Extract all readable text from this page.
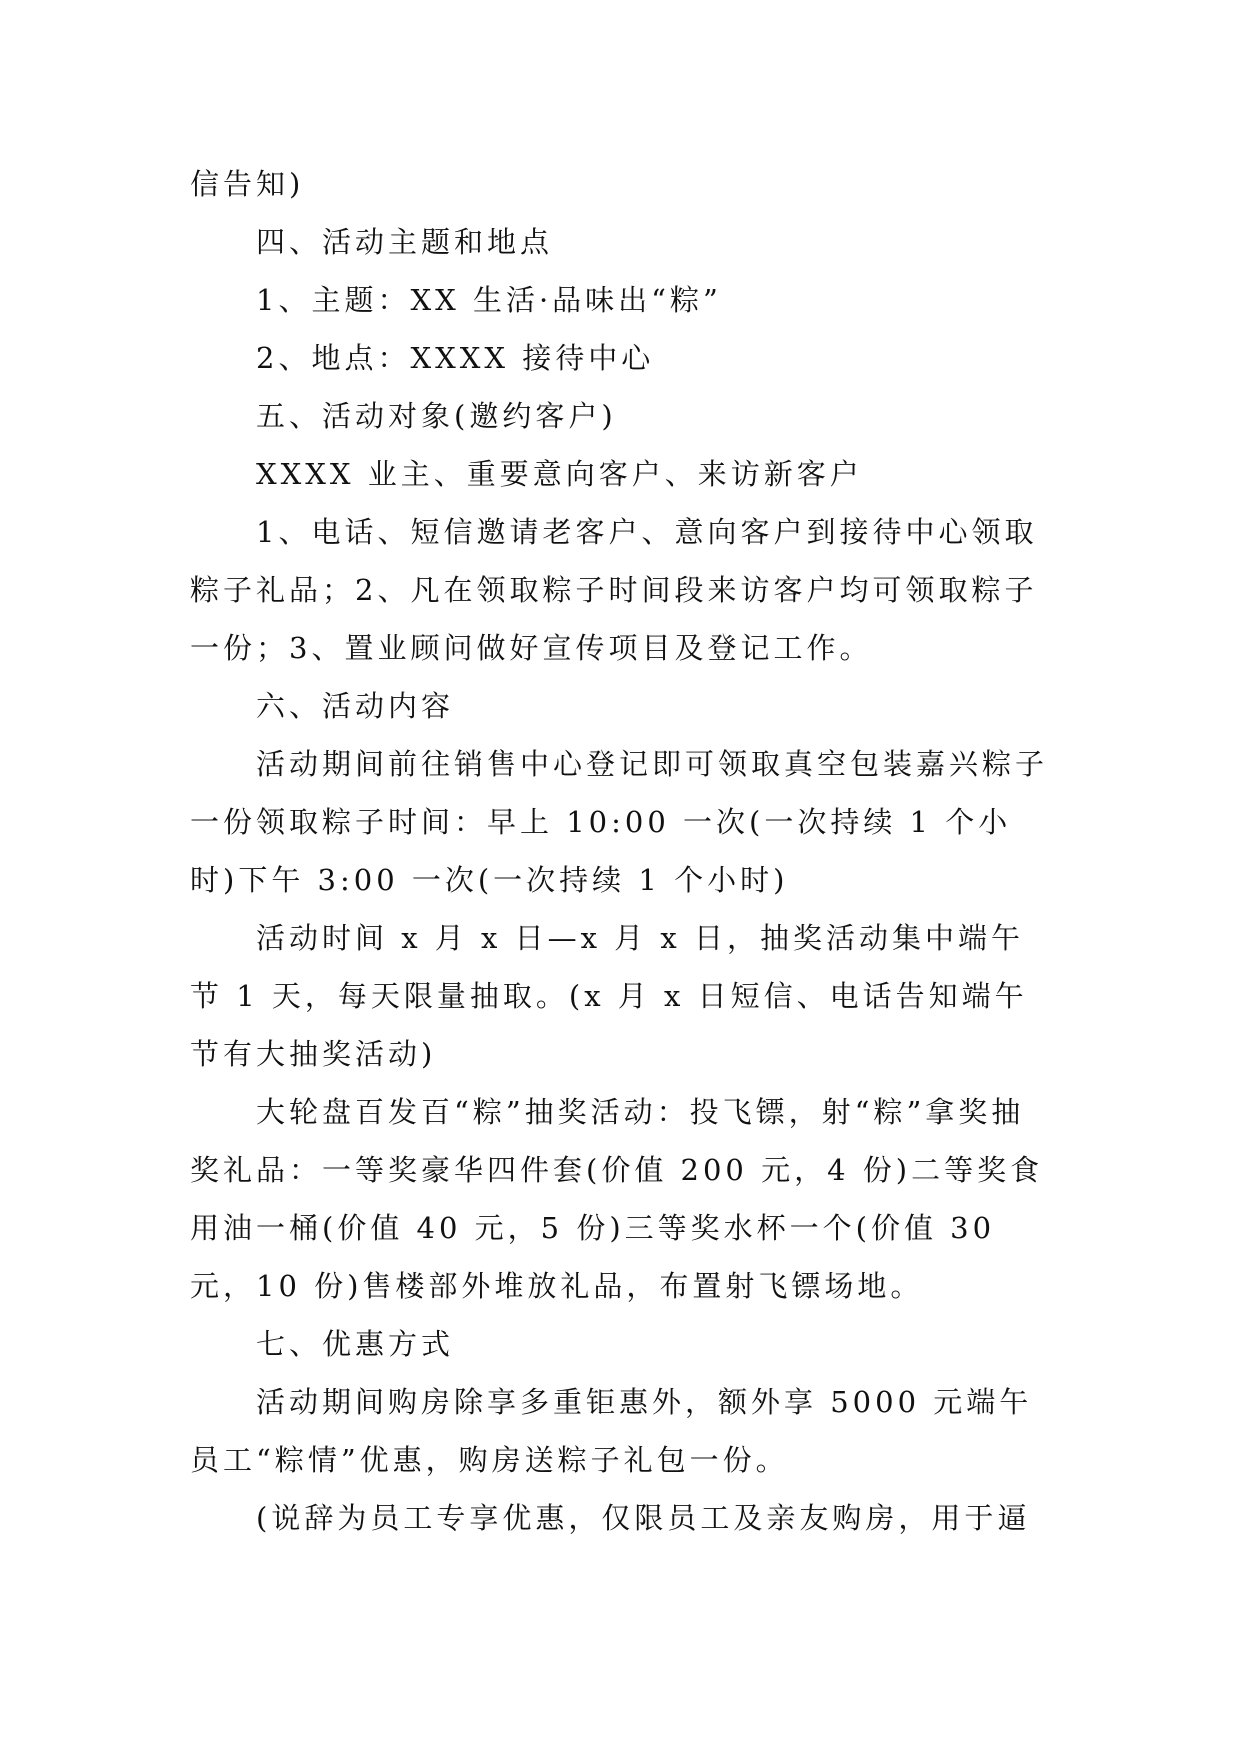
信告知)

四、活动主题和地点

1、主题：XX 生活·品味出“粽”

2、地点：XXXX 接待中心

五、活动对象(邀约客户)

XXXX 业主、重要意向客户、来访新客户

1、电话、短信邀请老客户、意向客户到接待中心领取粽子礼品；2、凡在领取粽子时间段来访客户均可领取粽子一份；3、置业顾问做好宣传项目及登记工作。

六、活动内容

活动期间前往销售中心登记即可领取真空包装嘉兴粽子一份领取粽子时间：早上 10:00 一次(一次持续 1 个小时)下午 3:00 一次(一次持续 1 个小时)

活动时间 x 月 x 日—x 月 x 日，抽奖活动集中端午节 1 天，每天限量抽取。(x 月 x 日短信、电话告知端午节有大抽奖活动)

大轮盘百发百“粽”抽奖活动：投飞镖，射“粽”拿奖抽奖礼品：一等奖豪华四件套(价值 200 元，4 份)二等奖食用油一桶(价值 40 元，5 份)三等奖水杯一个(价值 30 元，10 份)售楼部外堆放礼品，布置射飞镖场地。

七、优惠方式

活动期间购房除享多重钜惠外，额外享 5000 元端午员工“粽情”优惠，购房送粽子礼包一份。

(说辞为员工专享优惠，仅限员工及亲友购房，用于逼
